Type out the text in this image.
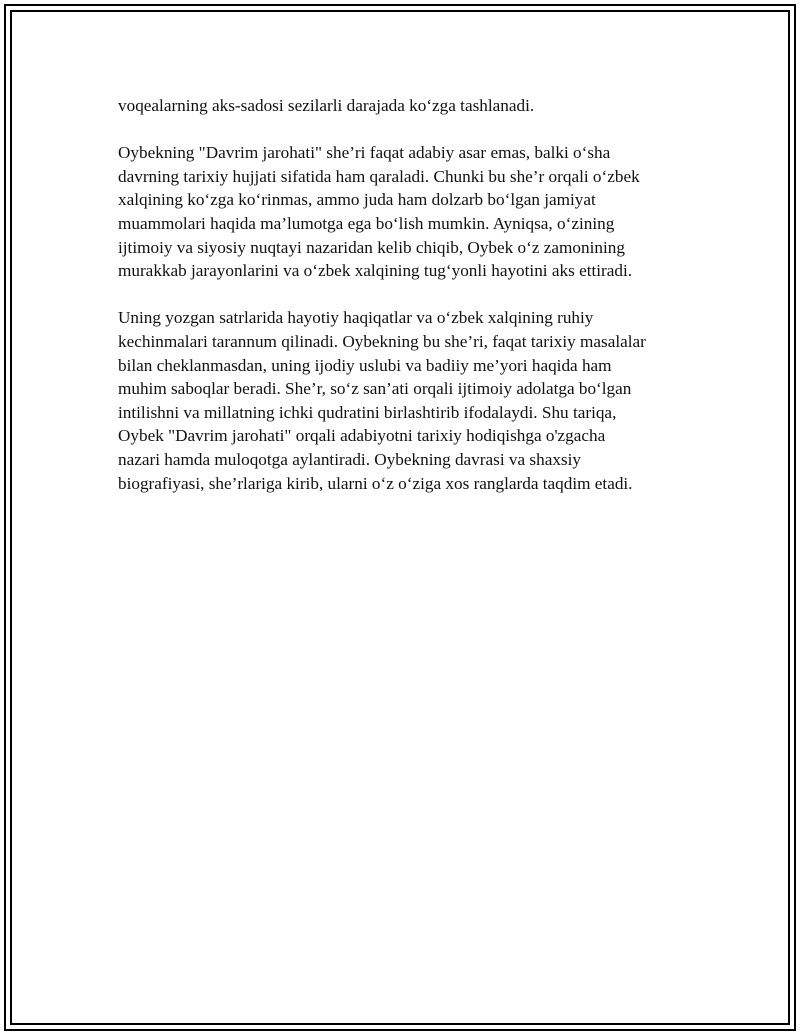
voqealarning aks-sadosi sezilarli darajada ko‘zga tashlanadi.

Oybekning "Davrim jarohati" she’ri faqat adabiy asar emas, balki o‘sha
davrning tarixiy hujjati sifatida ham qaraladi. Chunki bu she’r orqali o‘zbek
xalqining ko‘zga ko‘rinmas, ammo juda ham dolzarb bo‘lgan jamiyat
muammolari haqida ma’lumotga ega bo‘lish mumkin. Ayniqsa, o‘zining
ijtimoiy va siyosiy nuqtayi nazaridan kelib chiqib, Oybek o‘z zamonining
murakkab jarayonlarini va o‘zbek xalqining tug‘yonli hayotini aks ettiradi.

Uning yozgan satrlarida hayotiy haqiqatlar va o‘zbek xalqining ruhiy
kechinmalari tarannum qilinadi. Oybekning bu she’ri, faqat tarixiy masalalar
bilan cheklanmasdan, uning ijodiy uslubi va badiiy me’yori haqida ham
muhim saboqlar beradi. She’r, so‘z san’ati orqali ijtimoiy adolatga bo‘lgan
intilishni va millatning ichki qudratini birlashtirib ifodalaydi. Shu tariqa,
Oybek "Davrim jarohati" orqali adabiyotni tarixiy hodiqishga o'zgacha
nazari hamda muloqotga aylantiradi. Oybekning davrasi va shaxsiy
biografiyasi, she’rlariga kirib, ularni o‘z o‘ziga xos ranglarda taqdim etadi.
